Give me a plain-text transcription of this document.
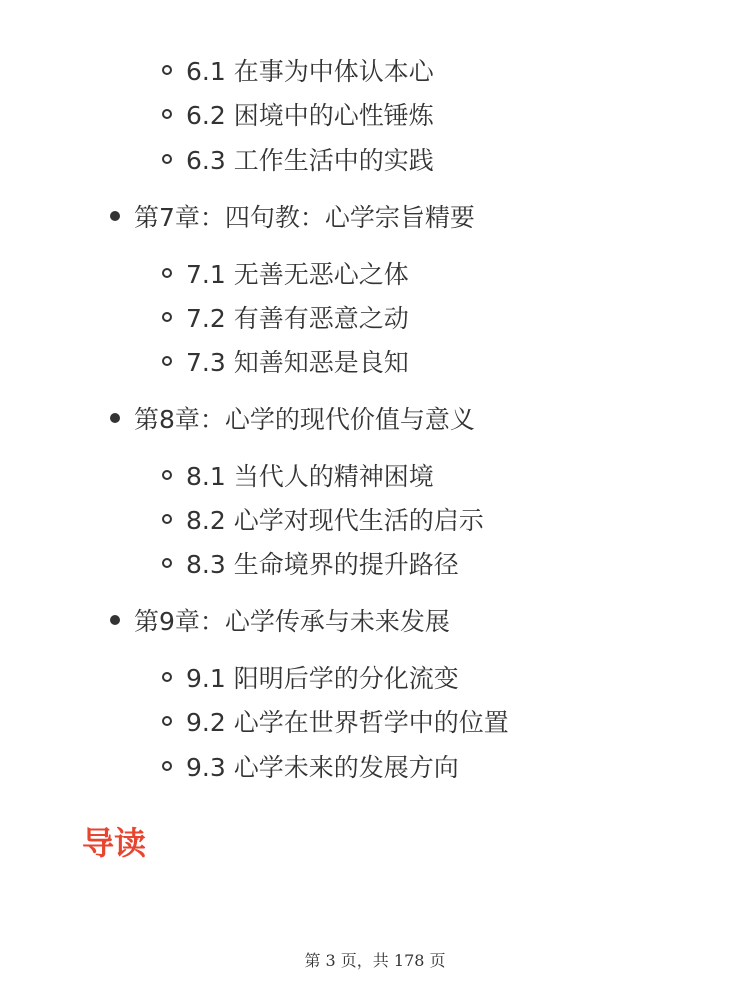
6.1 在事为中体认本心
6.2 困境中的心性锤炼
6.3 工作生活中的实践
第7章：四句教：心学宗旨精要
7.1 无善无恶心之体
7.2 有善有恶意之动
7.3 知善知恶是良知
第8章：心学的现代价值与意义
8.1 当代人的精神困境
8.2 心学对现代生活的启示
8.3 生命境界的提升路径
第9章：心学传承与未来发展
9.1 阳明后学的分化流变
9.2 心学在世界哲学中的位置
9.3 心学未来的发展方向
导读
第 3 页，共 178 页
